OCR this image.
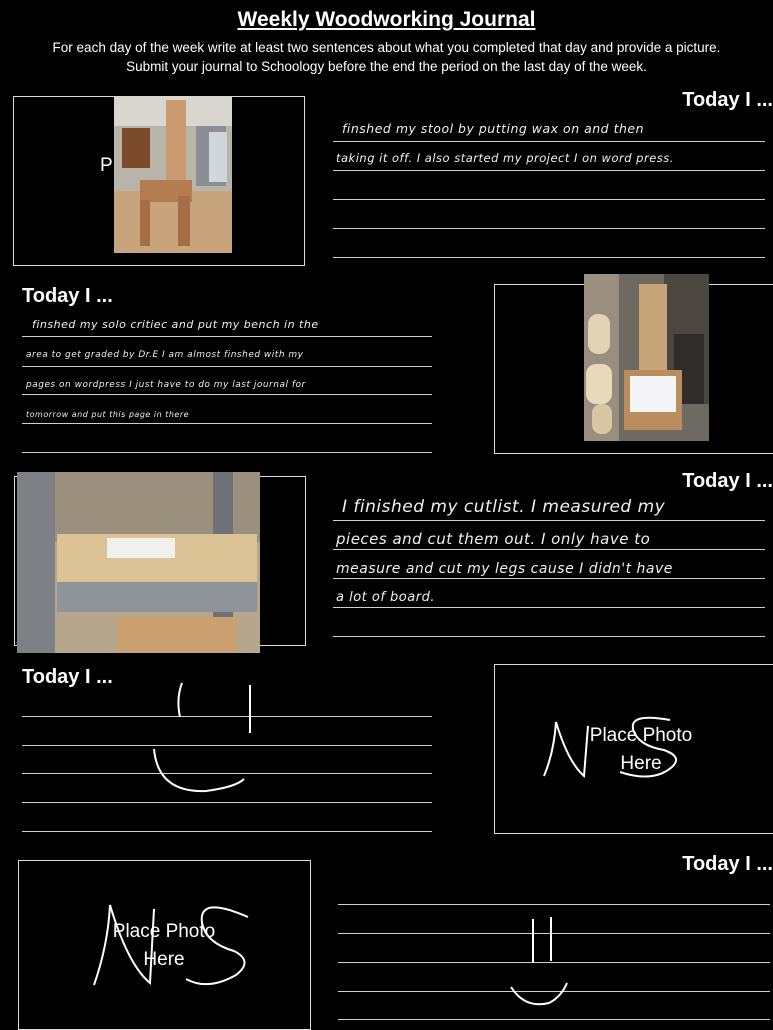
Weekly Woodworking Journal
For each day of the week write at least two sentences about what you completed that day and provide a picture.
Submit your journal to Schoology before the end the period on the last day of the week.
P
Today I ...
finshed my stool by putting wax on and then
taking it off. I also started my project I on word press.
Today I ...
finshed my solo critiec and put my bench in the
area to get graded by Dr.E I am almost finshed with my
pages on wordpress I just have to do my last journal for
tomorrow and put this page in there
Today I ...
I finished my cutlist. I measured my
pieces and cut them out. I only have to
measure and cut my legs cause I didn't have
a lot of board.
Today I ...
Place Photo
Here
Place Photo
Here
Today I ...
